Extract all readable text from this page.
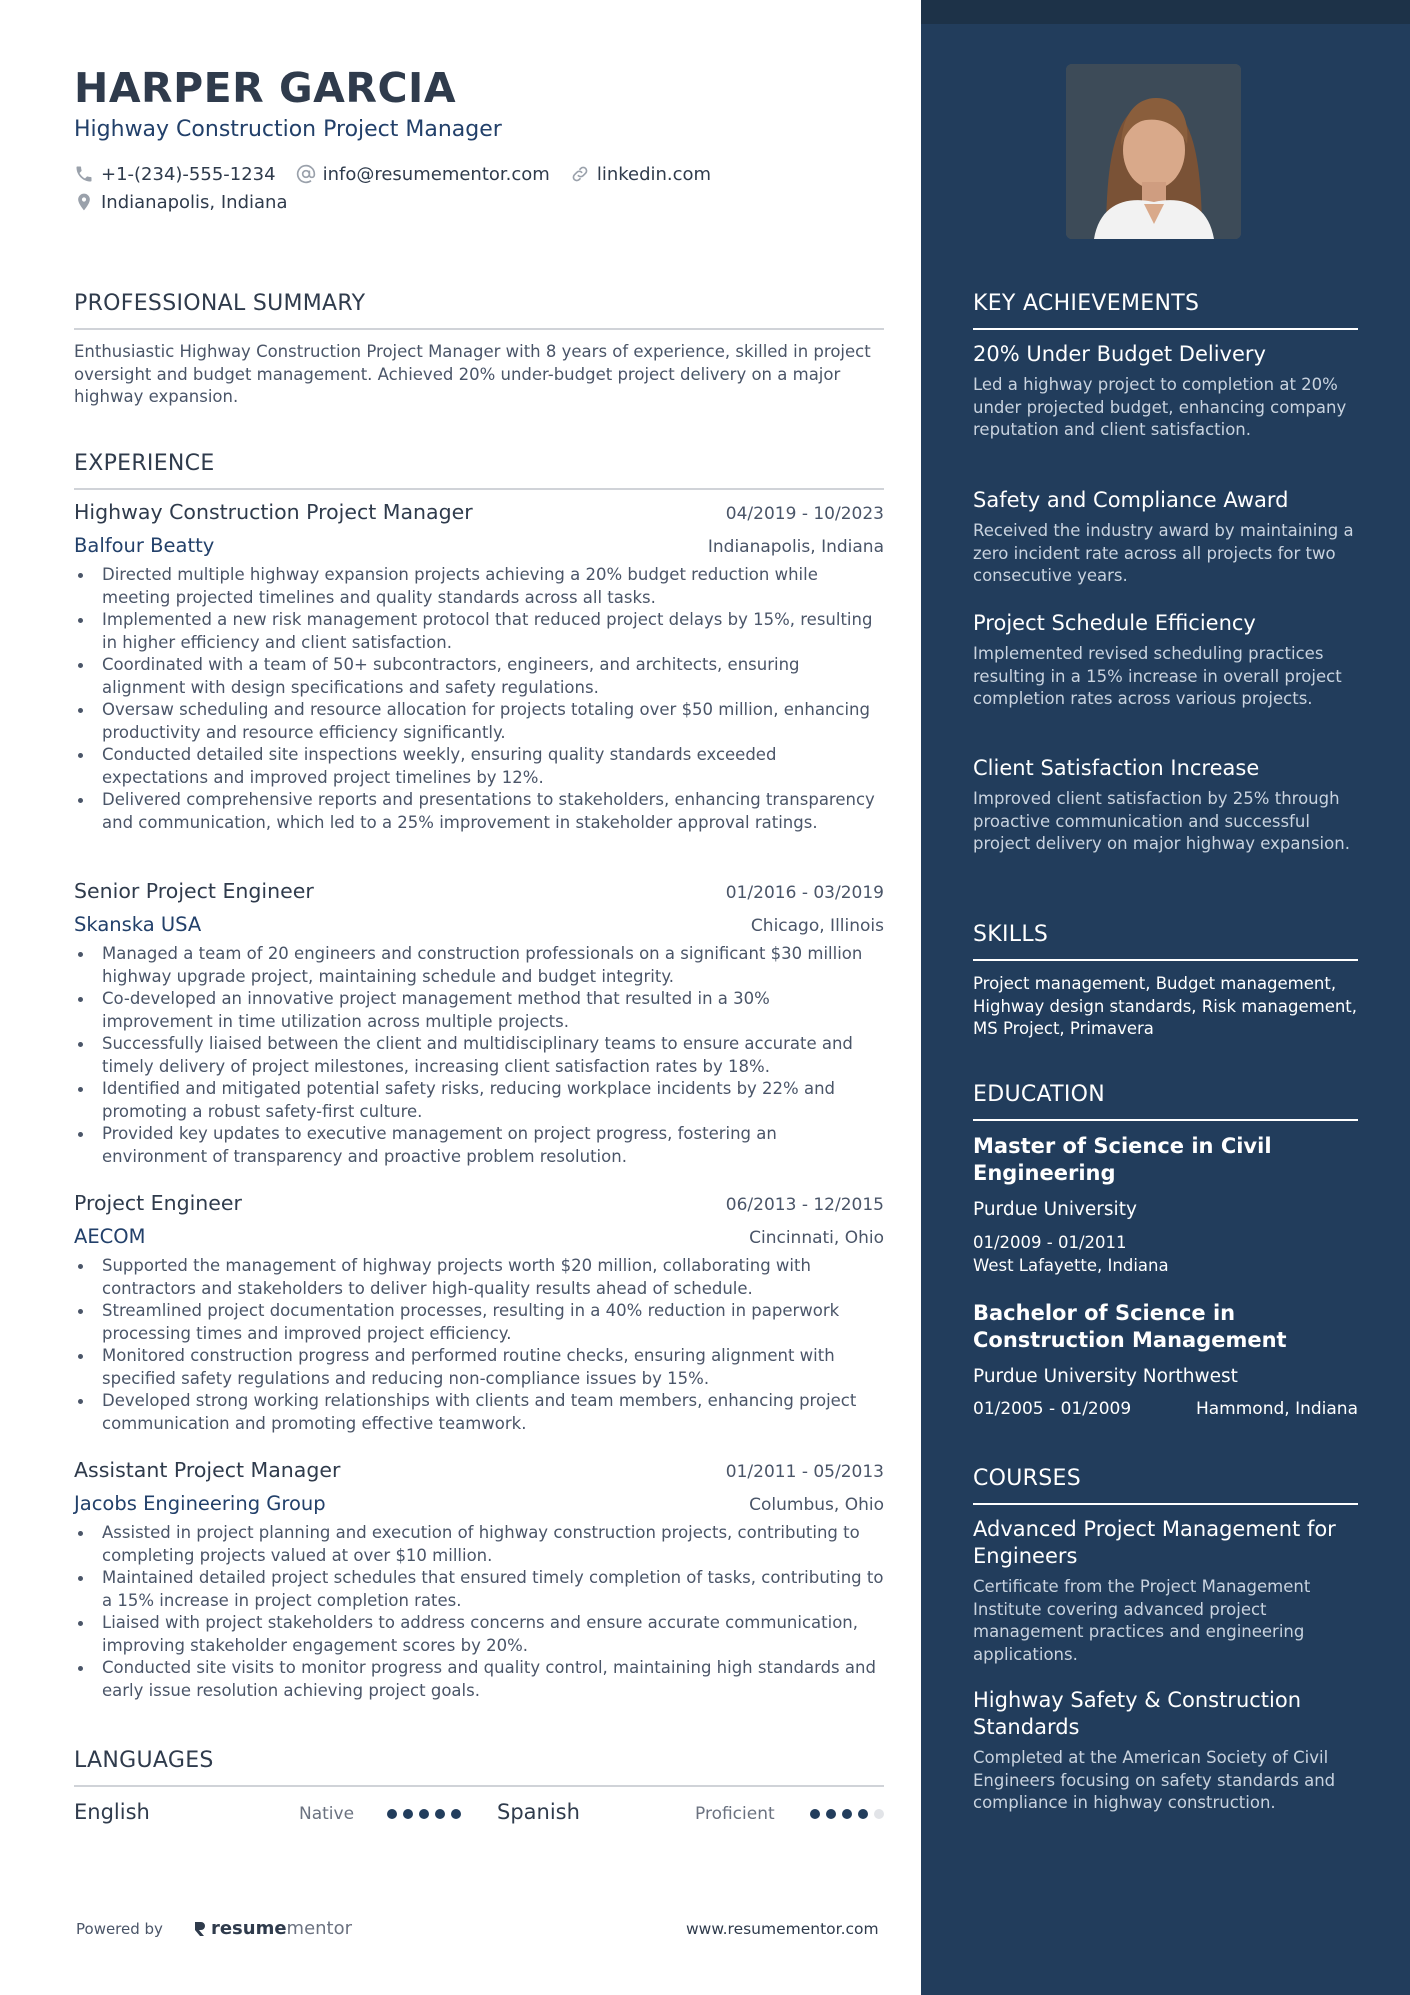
HARPER GARCIA
Highway Construction Project Manager
+1-(234)-555-1234	info@resumementor.com	linkedin.com
Indianapolis, Indiana
PROFESSIONAL SUMMARY

Enthusiastic Highway Construction Project Manager with 8 years of experience, skilled in project oversight and budget management. Achieved 20% under-budget project delivery on a major highway expansion.

EXPERIENCE
Highway Construction Project Manager	04/2019 - 10/2023
Balfour Beatty	Indianapolis, Indiana
Directed multiple highway expansion projects achieving a 20% budget reduction while meeting projected timelines and quality standards across all tasks.
Implemented a new risk management protocol that reduced project delays by 15%, resulting in higher efficiency and client satisfaction.
Coordinated with a team of 50+ subcontractors, engineers, and architects, ensuring alignment with design specifications and safety regulations.
Oversaw scheduling and resource allocation for projects totaling over $50 million, enhancing productivity and resource efficiency significantly.
Conducted detailed site inspections weekly, ensuring quality standards exceeded expectations and improved project timelines by 12%.
Delivered comprehensive reports and presentations to stakeholders, enhancing transparency and communication, which led to a 25% improvement in stakeholder approval ratings.
Senior Project Engineer	01/2016 - 03/2019
Skanska USA	Chicago, Illinois
Managed a team of 20 engineers and construction professionals on a significant $30 million highway upgrade project, maintaining schedule and budget integrity.
Co-developed an innovative project management method that resulted in a 30% improvement in time utilization across multiple projects.
Successfully liaised between the client and multidisciplinary teams to ensure accurate and timely delivery of project milestones, increasing client satisfaction rates by 18%.
Identified and mitigated potential safety risks, reducing workplace incidents by 22% and promoting a robust safety-first culture.
Provided key updates to executive management on project progress, fostering an environment of transparency and proactive problem resolution.
Project Engineer	06/2013 - 12/2015
AECOM	Cincinnati, Ohio
Supported the management of highway projects worth $20 million, collaborating with contractors and stakeholders to deliver high-quality results ahead of schedule.
Streamlined project documentation processes, resulting in a 40% reduction in paperwork processing times and improved project efficiency.
Monitored construction progress and performed routine checks, ensuring alignment with specified safety regulations and reducing non-compliance issues by 15%.
Developed strong working relationships with clients and team members, enhancing project communication and promoting effective teamwork.
Assistant Project Manager	01/2011 - 05/2013
Jacobs Engineering Group	Columbus, Ohio
Assisted in project planning and execution of highway construction projects, contributing to completing projects valued at over $10 million.
Maintained detailed project schedules that ensured timely completion of tasks, contributing to a 15% increase in project completion rates.
Liaised with project stakeholders to address concerns and ensure accurate communication, improving stakeholder engagement scores by 20%.
Conducted site visits to monitor progress and quality control, maintaining high standards and early issue resolution achieving project goals.
LANGUAGES
English	Native	Spanish	Proficient
Powered by	resume mentor	www.resumementor.com
KEY ACHIEVEMENTS
20% Under Budget Delivery
Led a highway project to completion at 20% under projected budget, enhancing company reputation and client satisfaction.
Safety and Compliance Award
Received the industry award by maintaining a zero incident rate across all projects for two consecutive years.
Project Schedule Efficiency
Implemented revised scheduling practices resulting in a 15% increase in overall project completion rates across various projects.
Client Satisfaction Increase
Improved client satisfaction by 25% through proactive communication and successful project delivery on major highway expansion.
SKILLS
Project management, Budget management, Highway design standards, Risk management, MS Project, Primavera
EDUCATION
Master of Science in Civil Engineering
Purdue University
01/2009 - 01/2011
West Lafayette, Indiana
Bachelor of Science in Construction Management
Purdue University Northwest
01/2005 - 01/2009	Hammond, Indiana
COURSES
Advanced Project Management for Engineers
Certificate from the Project Management Institute covering advanced project management practices and engineering applications.
Highway Safety & Construction Standards
Completed at the American Society of Civil Engineers focusing on safety standards and compliance in highway construction.
